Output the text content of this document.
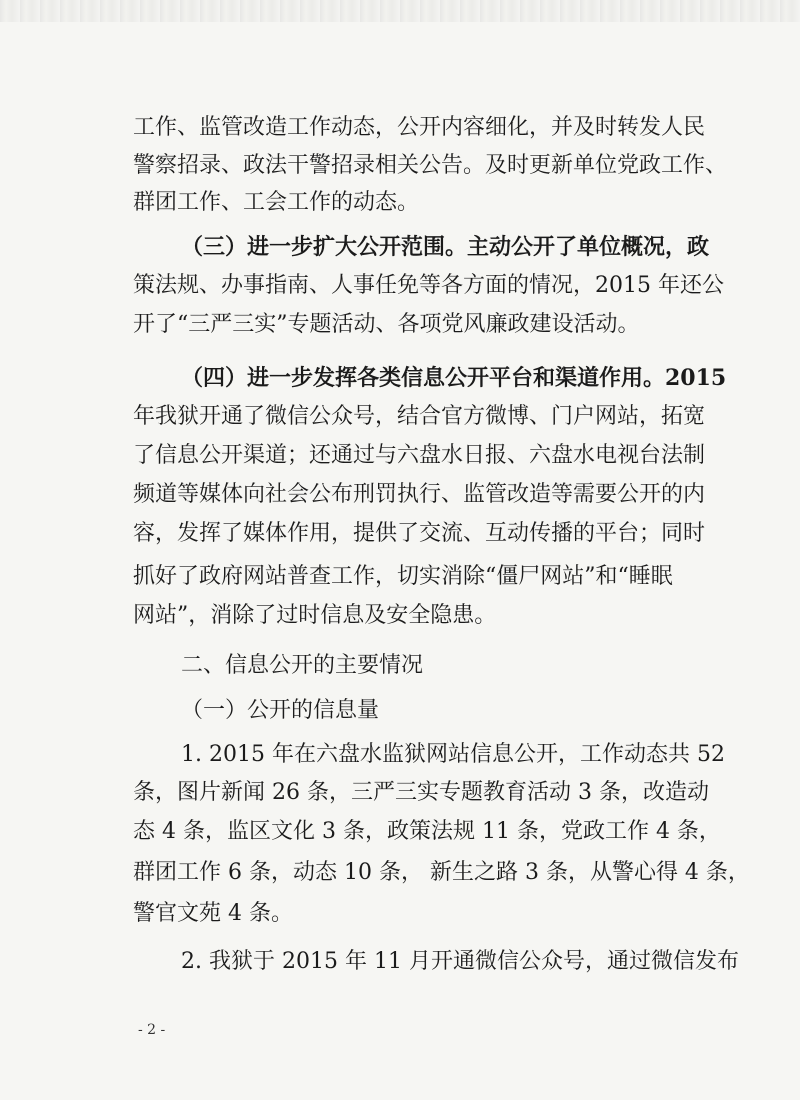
工作、监管改造工作动态，公开内容细化，并及时转发人民
警察招录、政法干警招录相关公告。及时更新单位党政工作、
群团工作、工会工作的动态。
（三）进一步扩大公开范围。主动公开了单位概况，政
策法规、办事指南、人事任免等各方面的情况，2015 年还公
开了“三严三实”专题活动、各项党风廉政建设活动。
（四）进一步发挥各类信息公开平台和渠道作用。2015
年我狱开通了微信公众号，结合官方微博、门户网站，拓宽
了信息公开渠道；还通过与六盘水日报、六盘水电视台法制
频道等媒体向社会公布刑罚执行、监管改造等需要公开的内
容，发挥了媒体作用，提供了交流、互动传播的平台；同时
抓好了政府网站普查工作，切实消除“僵尸网站”和“睡眠
网站”，消除了过时信息及安全隐患。
二、信息公开的主要情况
（一）公开的信息量
1. 2015 年在六盘水监狱网站信息公开，工作动态共 52
条，图片新闻 26 条，三严三实专题教育活动 3 条，改造动
态 4 条，监区文化 3 条，政策法规 11 条，党政工作 4 条，
群团工作 6 条，动态 10 条， 新生之路 3 条，从警心得 4 条，
警官文苑 4 条。
2. 我狱于 2015 年 11 月开通微信公众号，通过微信发布
- 2 -
